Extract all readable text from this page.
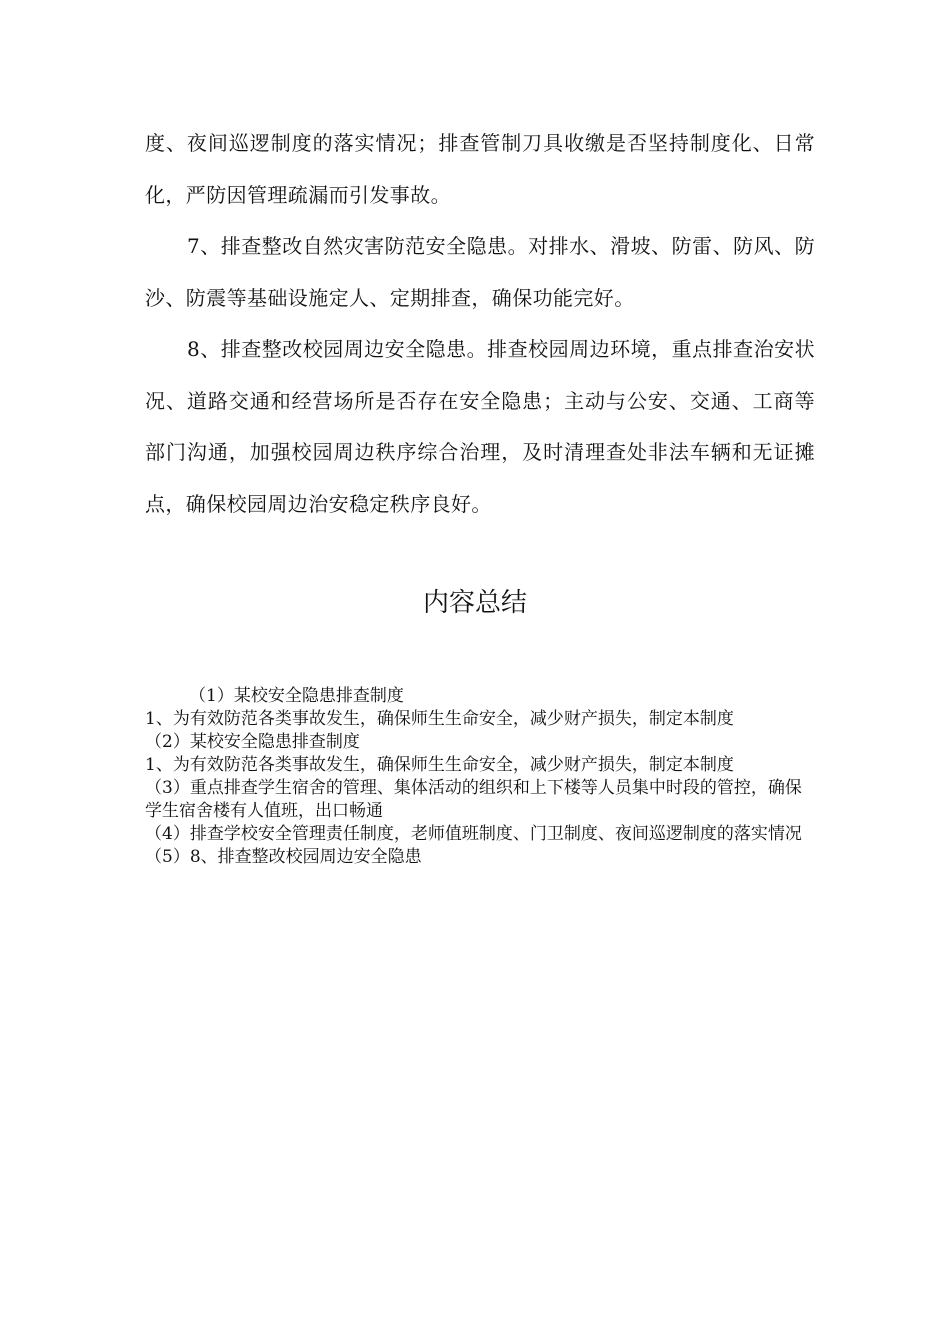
度、夜间巡逻制度的落实情况；排查管制刀具收缴是否坚持制度化、日常化，严防因管理疏漏而引发事故。

7、排查整改自然灾害防范安全隐患。对排水、滑坡、防雷、防风、防沙、防震等基础设施定人、定期排查，确保功能完好。

8、排查整改校园周边安全隐患。排查校园周边环境，重点排查治安状况、道路交通和经营场所是否存在安全隐患；主动与公安、交通、工商等部门沟通，加强校园周边秩序综合治理，及时清理查处非法车辆和无证摊点，确保校园周边治安稳定秩序良好。

内容总结

（1）某校安全隐患排查制度

1、为有效防范各类事故发生，确保师生生命安全，减少财产损失，制定本制度

（2）某校安全隐患排查制度

1、为有效防范各类事故发生，确保师生生命安全，减少财产损失，制定本制度

（3）重点排查学生宿舍的管理、集体活动的组织和上下楼等人员集中时段的管控，确保学生宿舍楼有人值班，出口畅通

（4）排查学校安全管理责任制度，老师值班制度、门卫制度、夜间巡逻制度的落实情况

（5）8、排查整改校园周边安全隐患
